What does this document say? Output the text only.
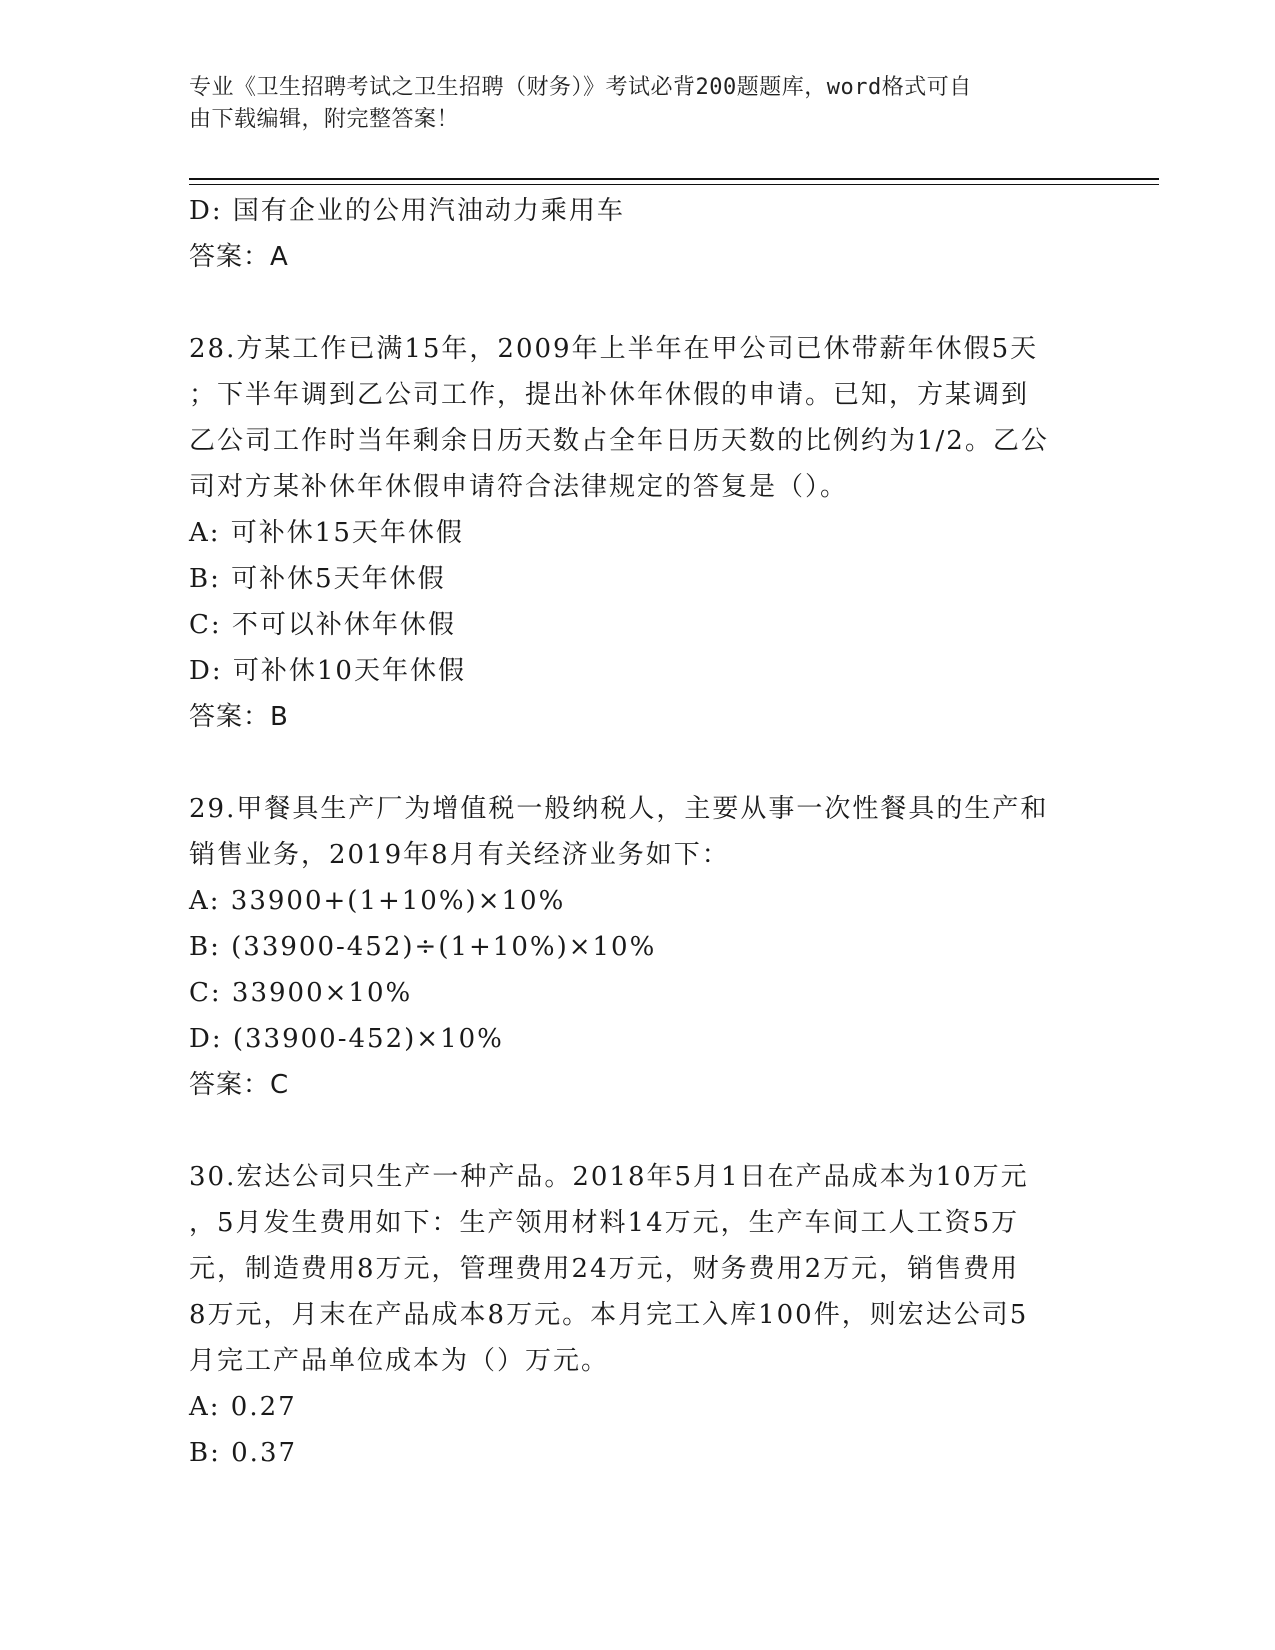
专业《卫生招聘考试之卫生招聘（财务）》考试必背200题题库，word格式可自
由下载编辑，附完整答案！
D: 国有企业的公用汽油动力乘用车
答案：A
28.方某工作已满15年，2009年上半年在甲公司已休带薪年休假5天
；下半年调到乙公司工作，提出补休年休假的申请。已知，方某调到
乙公司工作时当年剩余日历天数占全年日历天数的比例约为1/2。乙公
司对方某补休年休假申请符合法律规定的答复是（）。
A: 可补休15天年休假
B: 可补休5天年休假
C: 不可以补休年休假
D: 可补休10天年休假
答案：B
29.甲餐具生产厂为增值税一般纳税人，主要从事一次性餐具的生产和
销售业务，2019年8月有关经济业务如下：
A: 33900+(1+10%)×10%
B: (33900-452)÷(1+10%)×10%
C: 33900×10%
D: (33900-452)×10%
答案：C
30.宏达公司只生产一种产品。2018年5月1日在产品成本为10万元
，5月发生费用如下：生产领用材料14万元，生产车间工人工资5万
元，制造费用8万元，管理费用24万元，财务费用2万元，销售费用
8万元，月末在产品成本8万元。本月完工入库100件，则宏达公司5
月完工产品单位成本为（）万元。
A: 0.27
B: 0.37
